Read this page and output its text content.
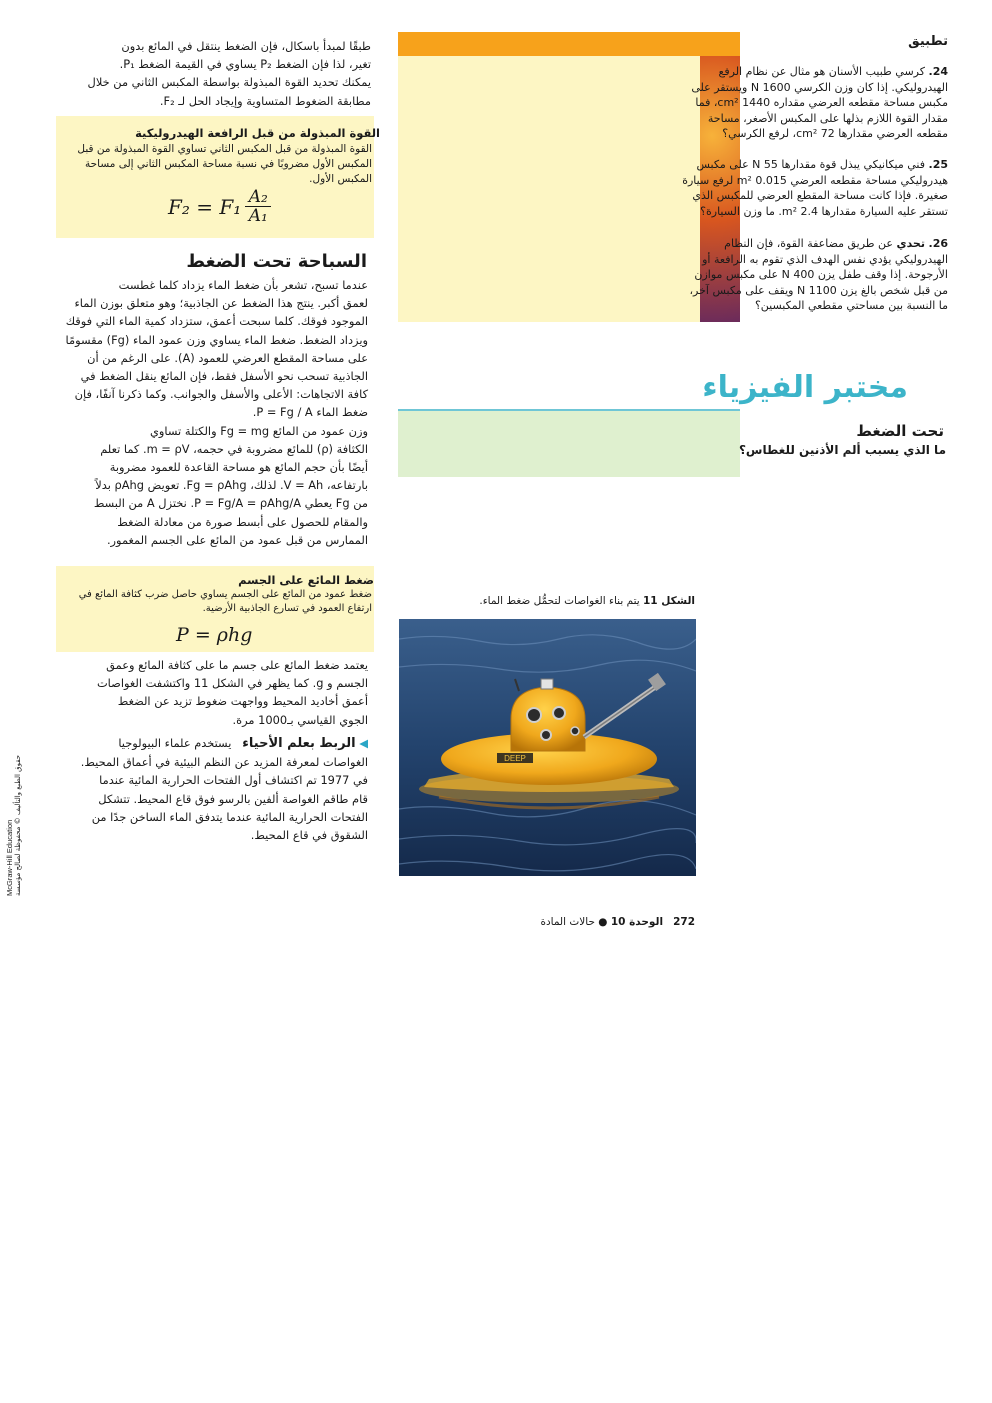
تطبيق
24. كرسي طبيب الأسنان هو مثال عن نظام الرفع الهيدروليكي. إذا كان وزن الكرسي 1600 N ويستقر على مكبس مساحة مقطعه العرضي مقداره 1440 cm²، فما مقدار القوة اللازم بذلها على المكبس الأصغر، مساحة مقطعه العرضي مقدارها 72 cm²، لرفع الكرسي؟
25. فني ميكانيكي يبذل قوة مقدارها 55 N على مكبس هيدروليكي مساحة مقطعه العرضي 0.015 m² لرفع سيارة صغيرة. فإذا كانت مساحة المقطع العرضي للمكبس الذي تستقر عليه السيارة مقدارها 2.4 m². ما وزن السيارة؟
26. تحدي عن طريق مضاعفة القوة، فإن النظام الهيدروليكي يؤدي نفس الهدف الذي تقوم به الرافعة أو الأرجوحة. إذا وقف طفل يزن 400 N على مكبس موازن من قبل شخص بالغ يزن 1100 N ويقف على مكبس آخر، ما النسبة بين مساحتي مقطعي المكبسين؟
مختبر الفيزياء
تحت الضغط
ما الذي يسبب ألم الأذنين للغطاس؟
الشكل 11 يتم بناء الغواصات لتحمُّل ضغط الماء.
DEEP
272   الوحدة 10 ● حالات المادة
طبقًا لمبدأ باسكال، فإن الضغط ينتقل في المائع بدون
تغير، لذا فإن الضغط P₂ يساوي في القيمة الضغط P₁.
يمكنك تحديد القوة المبذولة بواسطة المكبس الثاني من خلال
مطابقة الضغوط المتساوية وإيجاد الحل لـ F₂.
القوة المبذولة من قبل الرافعة الهيدروليكية
القوة المبذولة من قبل المكبس الثاني تساوي القوة المبذولة من قبل المكبس الأول مضروبًا في نسبة مساحة المكبس الثاني إلى مساحة المكبس الأول.
F₂ = F₁ A₂
A₁
السباحة تحت الضغط
عندما تسبح، تشعر بأن ضغط الماء يزداد كلما غطست
لعمق أكبر. ينتج هذا الضغط عن الجاذبية؛ وهو متعلق بوزن الماء
الموجود فوقك. كلما سبحت أعمق، ستزداد كمية الماء التي فوقك
ويزداد الضغط. ضغط الماء يساوي وزن عمود الماء (Fg) مقسومًا
على مساحة المقطع العرضي للعمود (A). على الرغم من أن
الجاذبية تسحب نحو الأسفل فقط، فإن المائع ينقل الضغط في
كافة الاتجاهات: الأعلى والأسفل والجوانب. وكما ذكرنا آنفًا، فإن
ضغط الماء P = Fg / A.
وزن عمود من المائع Fg = mg والكتلة تساوي
الكثافة (ρ) للمائع مضروبة في حجمه، m = ρV. كما تعلم
أيضًا بأن حجم المائع هو مساحة القاعدة للعمود مضروبة
بارتفاعه، V = Ah. لذلك، Fg = ρAhg. تعويض ρAhg بدلاً
من Fg يعطي P = Fg/A = ρAhg/A. نختزل A من البسط
والمقام للحصول على أبسط صورة من معادلة الضغط
الممارس من قبل عمود من المائع على الجسم المغمور.
ضغط المائع على الجسم
ضغط عمود من المائع على الجسم يساوي حاصل ضرب كثافة المائع في ارتفاع العمود في تسارع الجاذبية الأرضية.
P = ρhg
يعتمد ضغط المائع على جسم ما على كثافة المائع وعمق
الجسم و g. كما يظهر في الشكل 11 واكتشفت الغواصات
أعمق أخاديد المحيط وواجهت ضغوط تزيد عن الضغط
الجوي القياسي بـ1000 مرة.
◀ الربط بعلم الأحياء   يستخدم علماء البيولوجيا
الغواصات لمعرفة المزيد عن النظم البيئية في أعماق المحيط.
في 1977 تم اكتشاف أول الفتحات الحرارية المائية عندما
قام طاقم الغواصة ألفين بالرسو فوق قاع المحيط. تتشكل
الفتحات الحرارية المائية عندما يتدفق الماء الساخن جدًا من
الشقوق في قاع المحيط.
McGraw-Hill Education حقوق الطبع والتأليف © محفوظة لصالح مؤسسة
